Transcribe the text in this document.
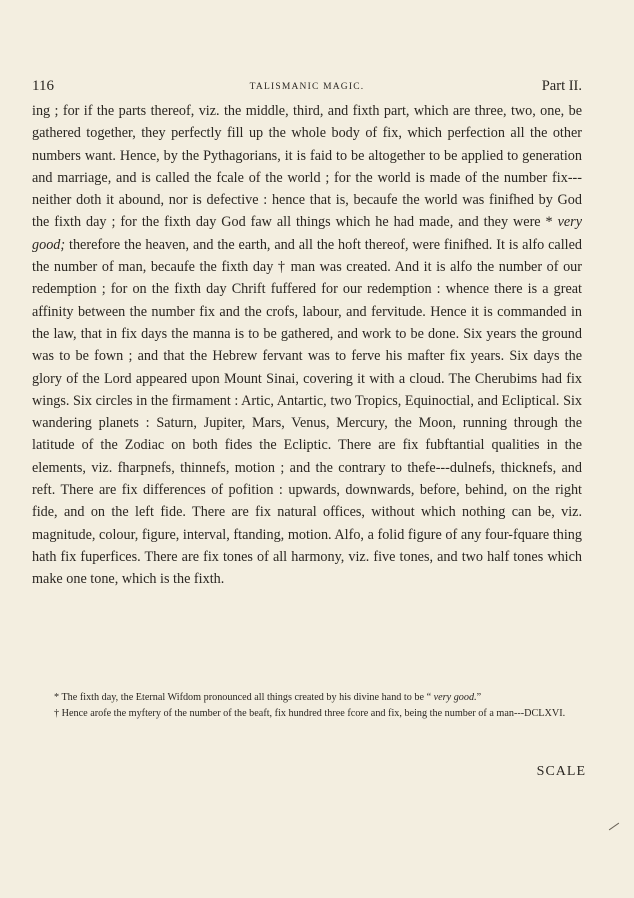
116	TALISMANIC MAGIC.	Part II.

ing ; for if the parts thereof, viz. the middle, third, and fixth part, which are three, two, one, be gathered together, they perfectly fill up the whole body of fix, which perfection all the other numbers want. Hence, by the Pythagorians, it is faid to be altogether to be applied to generation and marriage, and is called the fcale of the world ; for the world is made of the number fix---neither doth it abound, nor is defective : hence that is, becaufe the world was finifhed by God the fixth day ; for the fixth day God faw all things which he had made, and they were * very good; therefore the heaven, and the earth, and all the hoft thereof, were finifhed. It is alfo called the number of man, becaufe the fixth day † man was created. And it is alfo the number of our redemption ; for on the fixth day Chrift fuffered for our redemption : whence there is a great affinity between the number fix and the crofs, labour, and fervitude. Hence it is commanded in the law, that in fix days the manna is to be gathered, and work to be done. Six years the ground was to be fown ; and that the Hebrew fervant was to ferve his mafter fix years. Six days the glory of the Lord appeared upon Mount Sinai, covering it with a cloud. The Cherubims had fix wings. Six circles in the firmament : Artic, Antartic, two Tropics, Equinoctial, and Ecliptical. Six wandering planets : Saturn, Jupiter, Mars, Venus, Mercury, the Moon, running through the latitude of the Zodiac on both fides the Ecliptic. There are fix fubftantial qualities in the elements, viz. fharpnefs, thinnefs, motion ; and the contrary to thefe---dulnefs, thicknefs, and reft. There are fix differences of pofition : upwards, downwards, before, behind, on the right fide, and on the left fide. There are fix natural offices, without which nothing can be, viz. magnitude, colour, figure, interval, ftanding, motion. Alfo, a folid figure of any four-fquare thing hath fix fuperfices. There are fix tones of all harmony, viz. five tones, and two half tones which make one tone, which is the fixth.

* The fixth day, the Eternal Wifdom pronounced all things created by his divine hand to be “ very good.”

† Hence arofe the myftery of the number of the beaft, fix hundred three fcore and fix, being the number of a man---DCLXVI.

SCALE
